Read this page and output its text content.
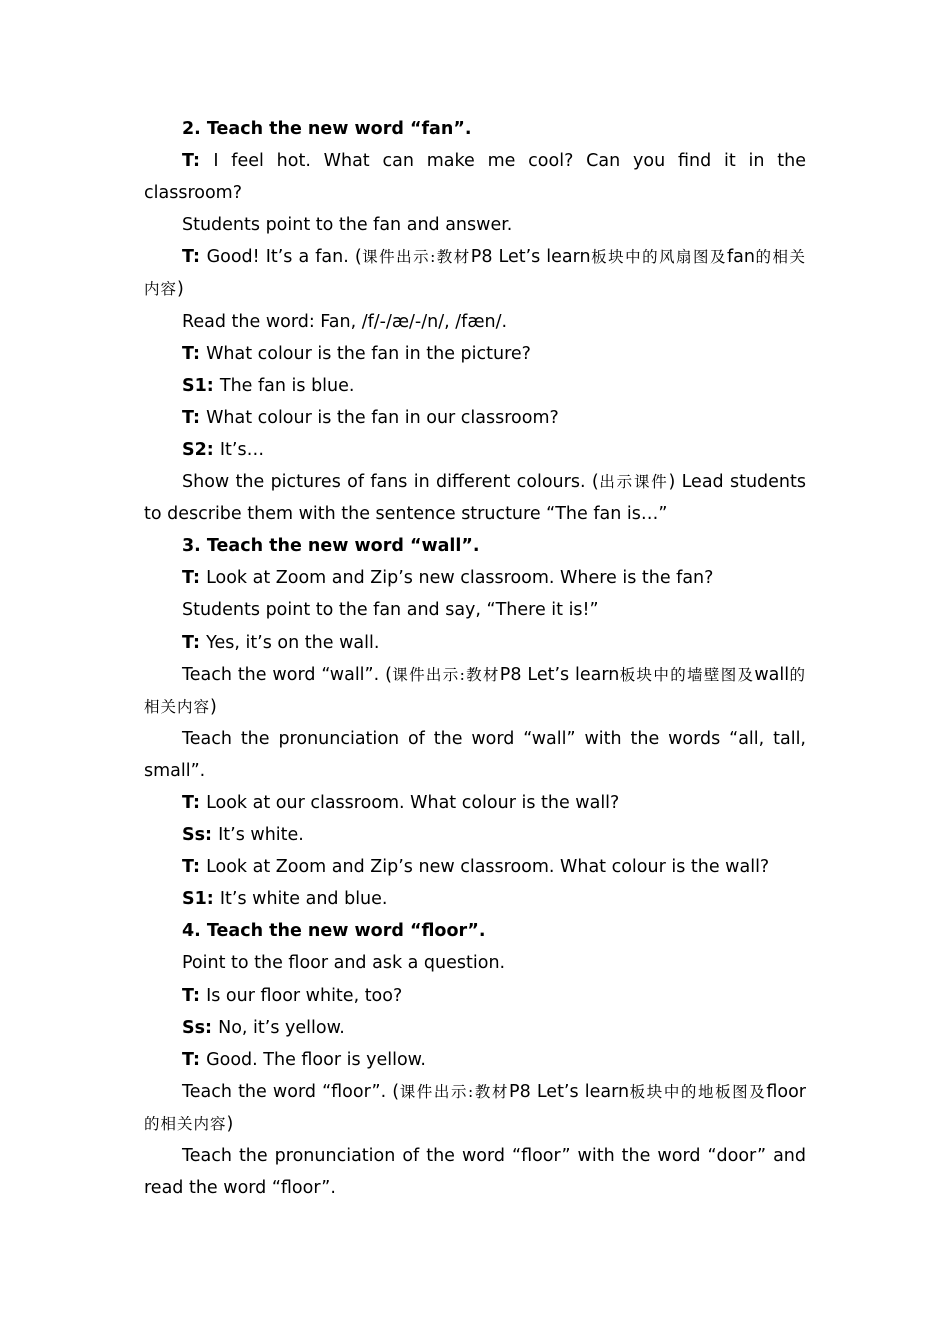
2. Teach the new word “fan”.

T : I feel hot. What can make me cool? Can you find it in the classroom?

Students point to the fan and answer.

T : Good! It’s a fan. (课件出示:教材P8 Let’s learn板块中的风扇图及fan的相关内容)

Read the word: Fan, /f/-/æ/-/n/, /fæn/.

T : What colour is the fan in the picture?

S1 : The fan is blue.

T : What colour is the fan in our classroom?

S2 : It’s…

Show the pictures of fans in different colours. (出示课件) Lead students to describe them with the sentence structure “The fan is…”

3. Teach the new word “wall”.

T : Look at Zoom and Zip’s new classroom. Where is the fan?

Students point to the fan and say, “There it is!”

T : Yes, it’s on the wall.

Teach the word “wall”. (课件出示:教材P8 Let’s learn板块中的墙壁图及wall的相关内容)

Teach the pronunciation of the word “wall” with the words “all, tall, small”.

T : Look at our classroom. What colour is the wall?

Ss : It’s white.

T : Look at Zoom and Zip’s new classroom. What colour is the wall?

S1 : It’s white and blue.

4. Teach the new word “floor”.

Point to the floor and ask a question.

T : Is our floor white, too?

Ss : No, it’s yellow.

T : Good. The floor is yellow.

Teach the word “floor”. (课件出示:教材P8 Let’s learn板块中的地板图及floor的相关内容)

Teach the pronunciation of the word “floor” with the word “door” and read the word “floor”.
